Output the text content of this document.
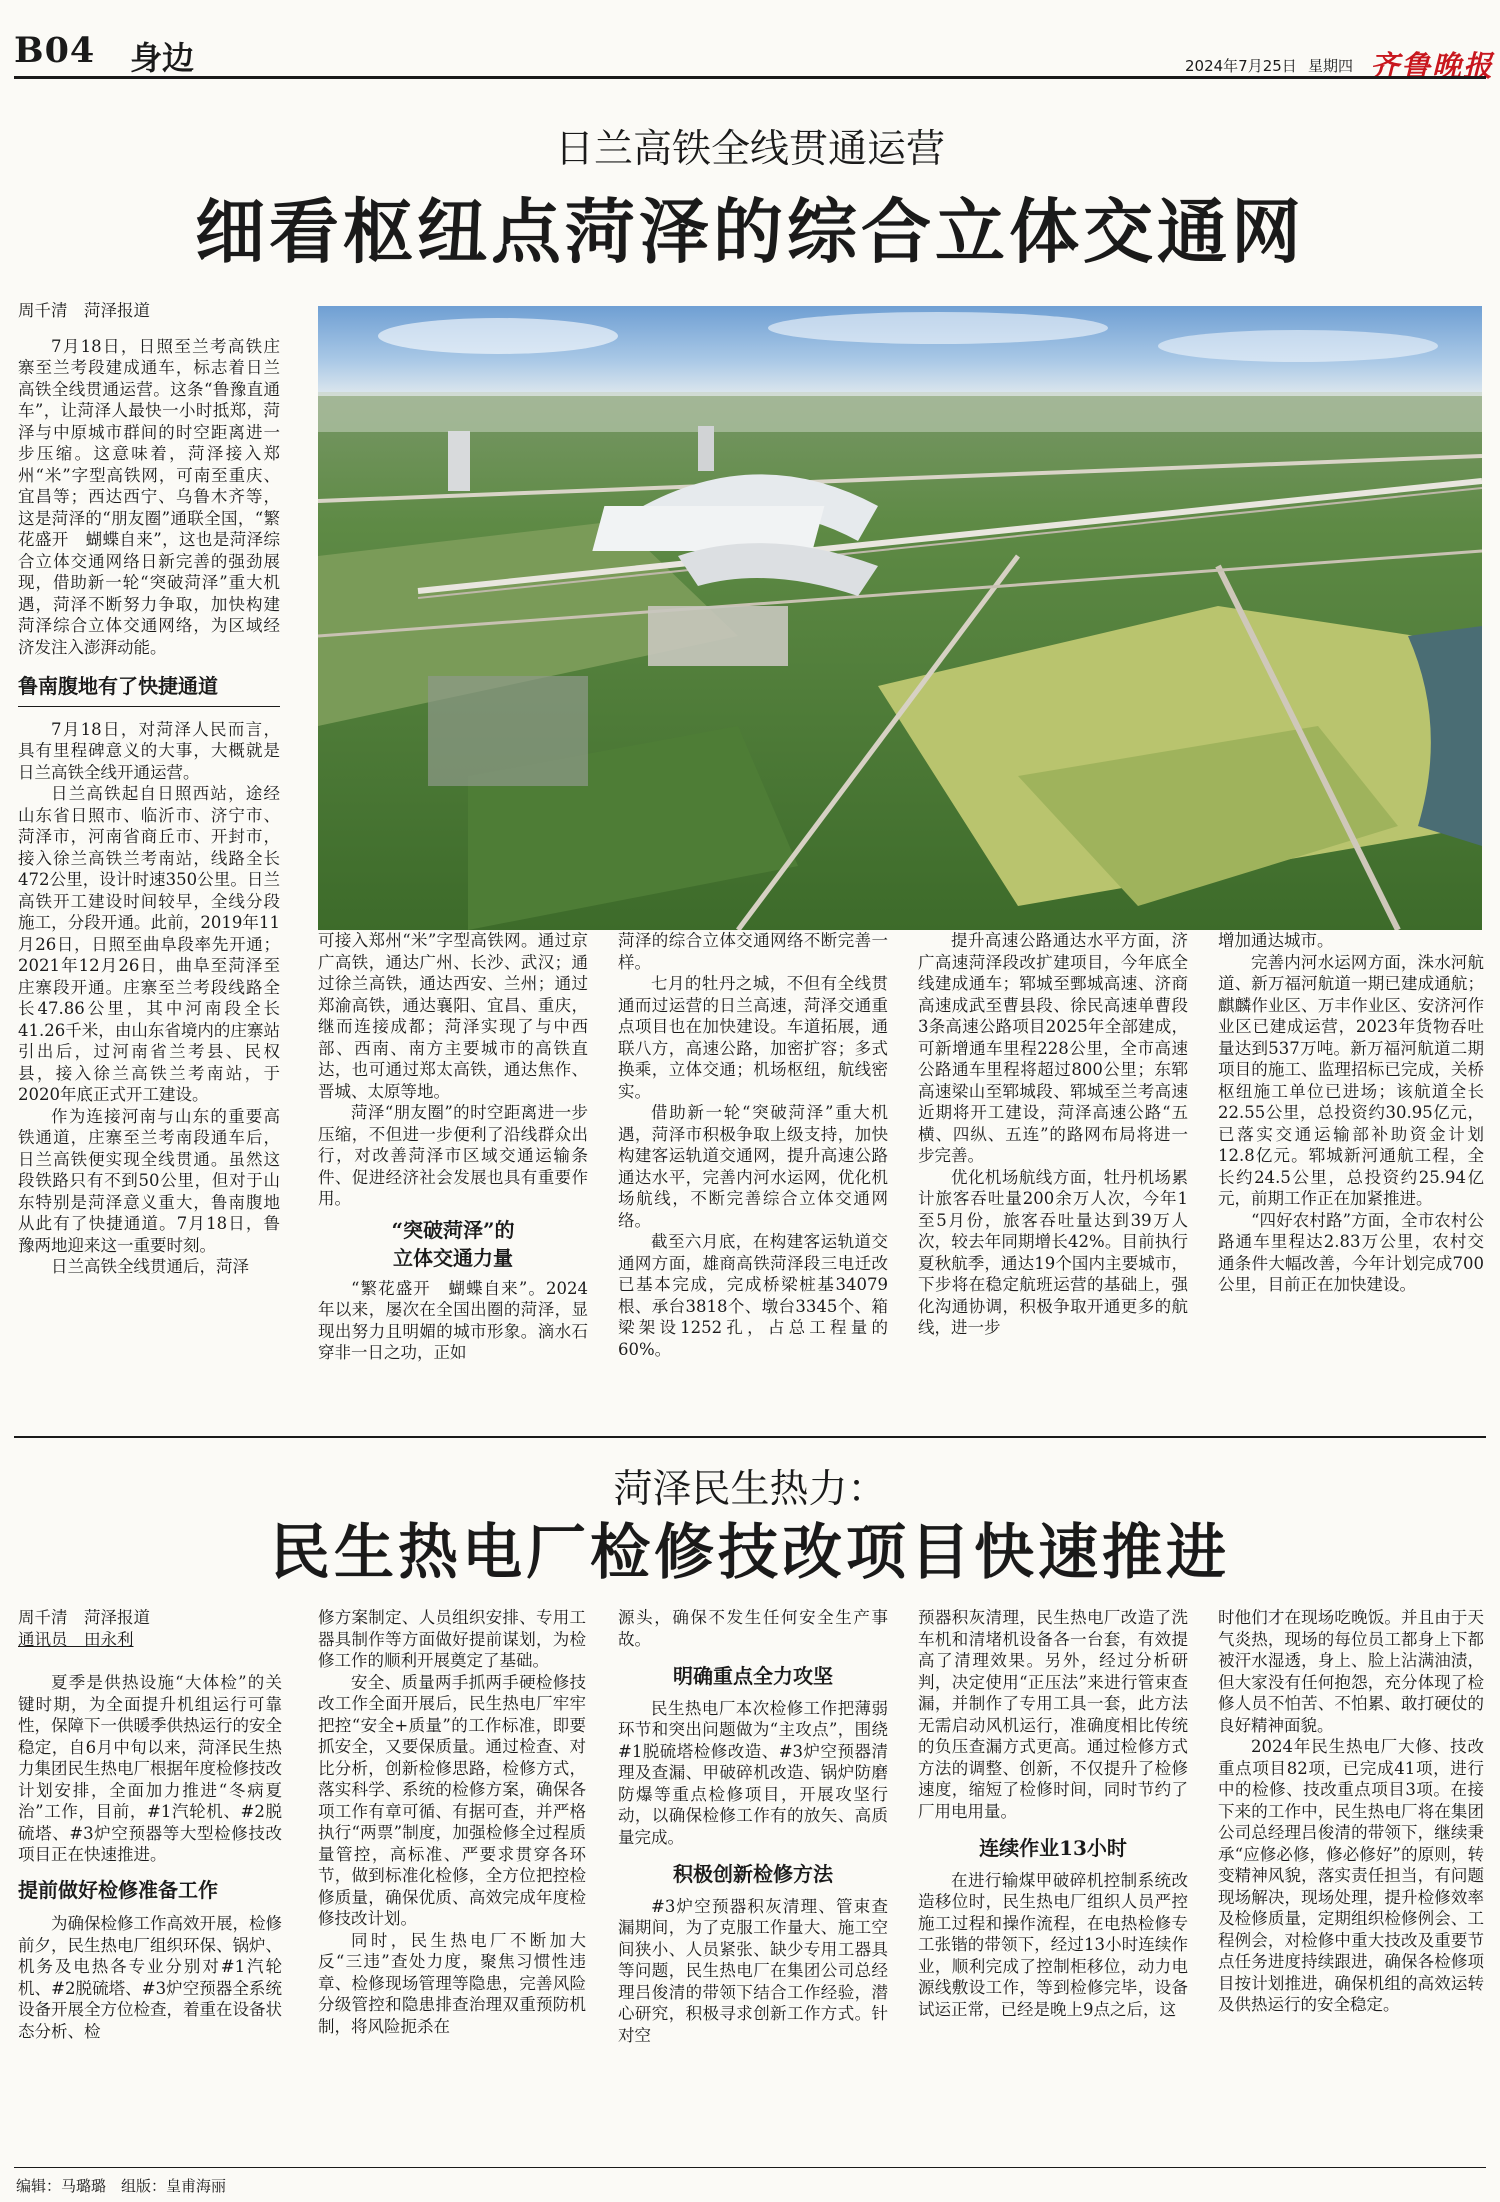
B04 身边	2024年7月25日 星期四 齐鲁晚报
日兰高铁全线贯通运营
细看枢纽点菏泽的综合立体交通网

周千清　菏泽报道

7月18日，日照至兰考高铁庄寨至兰考段建成通车，标志着日兰高铁全线贯通运营。这条“鲁豫直通车”，让菏泽人最快一小时抵郑，菏泽与中原城市群间的时空距离进一步压缩。这意味着，菏泽接入郑州“米”字型高铁网，可南至重庆、宜昌等；西达西宁、乌鲁木齐等，这是菏泽的“朋友圈”通联全国，“繁花盛开　蝴蝶自来”，这也是菏泽综合立体交通网络日新完善的强劲展现，借助新一轮“突破菏泽”重大机遇，菏泽不断努力争取，加快构建菏泽综合立体交通网络，为区域经济发注入澎湃动能。

鲁南腹地有了快捷通道

7月18日，对菏泽人民而言，具有里程碑意义的大事，大概就是日兰高铁全线开通运营。

日兰高铁起自日照西站，途经山东省日照市、临沂市、济宁市、菏泽市，河南省商丘市、开封市，接入徐兰高铁兰考南站，线路全长472公里，设计时速350公里。日兰高铁开工建设时间较早，全线分段施工，分段开通。此前，2019年11月26日，日照至曲阜段率先开通；2021年12月26日，曲阜至菏泽至庄寨段开通。庄寨至兰考段线路全长47.86公里，其中河南段全长41.26千米，由山东省境内的庄寨站引出后，过河南省兰考县、民权县，接入徐兰高铁兰考南站，于2020年底正式开工建设。

作为连接河南与山东的重要高铁通道，庄寨至兰考南段通车后，日兰高铁便实现全线贯通。虽然这段铁路只有不到50公里，但对于山东特别是菏泽意义重大，鲁南腹地从此有了快捷通道。7月18日，鲁豫两地迎来这一重要时刻。

日兰高铁全线贯通后，菏泽

可接入郑州“米”字型高铁网。通过京广高铁，通达广州、长沙、武汉；通过徐兰高铁，通达西安、兰州；通过郑渝高铁，通达襄阳、宜昌、重庆，继而连接成都；菏泽实现了与中西部、西南、南方主要城市的高铁直达，也可通过郑太高铁，通达焦作、晋城、太原等地。

菏泽“朋友圈”的时空距离进一步压缩，不但进一步便利了沿线群众出行，对改善菏泽市区域交通运输条件、促进经济社会发展也具有重要作用。

“突破菏泽”的
立体交通力量

“繁花盛开　蝴蝶自来”。2024年以来，屡次在全国出圈的菏泽，显现出努力且明媚的城市形象。滴水石穿非一日之功，正如

菏泽的综合立体交通网络不断完善一样。

七月的牡丹之城，不但有全线贯通而过运营的日兰高速，菏泽交通重点项目也在加快建设。车道拓展，通联八方，高速公路，加密扩容；多式换乘，立体交通；机场枢纽，航线密实。

借助新一轮“突破菏泽”重大机遇，菏泽市积极争取上级支持，加快构建客运轨道交通网，提升高速公路通达水平，完善内河水运网，优化机场航线，不断完善综合立体交通网络。

截至六月底，在构建客运轨道交通网方面，雄商高铁菏泽段三电迁改已基本完成，完成桥梁桩基34079根、承台3818个、墩台3345个、箱梁架设1252孔，占总工程量的60%。

提升高速公路通达水平方面，济广高速菏泽段改扩建项目，今年底全线建成通车；郓城至鄄城高速、济商高速成武至曹县段、徐民高速单曹段3条高速公路项目2025年全部建成，可新增通车里程228公里，全市高速公路通车里程将超过800公里；东郓高速梁山至郓城段、郓城至兰考高速近期将开工建设，菏泽高速公路“五横、四纵、五连”的路网布局将进一步完善。

优化机场航线方面，牡丹机场累计旅客吞吐量200余万人次，今年1至5月份，旅客吞吐量达到39万人次，较去年同期增长42%。目前执行夏秋航季，通达19个国内主要城市，下步将在稳定航班运营的基础上，强化沟通协调，积极争取开通更多的航线，进一步

增加通达城市。

完善内河水运网方面，洙水河航道、新万福河航道一期已建成通航；麒麟作业区、万丰作业区、安济河作业区已建成运营，2023年货物吞吐量达到537万吨。新万福河航道二期项目的施工、监理招标已完成，关桥枢纽施工单位已进场；该航道全长22.55公里，总投资约30.95亿元，已落实交通运输部补助资金计划12.8亿元。郓城新河通航工程，全长约24.5公里，总投资约25.94亿元，前期工作正在加紧推进。

“四好农村路”方面，全市农村公路通车里程达2.83万公里，农村交通条件大幅改善，今年计划完成700公里，目前正在加快建设。

菏泽民生热力：
民生热电厂检修技改项目快速推进

周千清　菏泽报道

通讯员　田永利

夏季是供热设施“大体检”的关键时期，为全面提升机组运行可靠性，保障下一供暖季供热运行的安全稳定，自6月中旬以来，菏泽民生热力集团民生热电厂根据年度检修技改计划安排，全面加力推进“冬病夏治”工作，目前，#1汽轮机、#2脱硫塔、#3炉空预器等大型检修技改项目正在快速推进。

提前做好检修准备工作

为确保检修工作高效开展，检修前夕，民生热电厂组织环保、锅炉、机务及电热各专业分别对#1汽轮机、#2脱硫塔、#3炉空预器全系统设备开展全方位检查，着重在设备状态分析、检

修方案制定、人员组织安排、专用工器具制作等方面做好提前谋划，为检修工作的顺利开展奠定了基础。

安全、质量两手抓两手硬检修技改工作全面开展后，民生热电厂牢牢把控“安全+质量”的工作标准，即要抓安全，又要保质量。通过检查、对比分析，创新检修思路，检修方式，落实科学、系统的检修方案，确保各项工作有章可循、有据可查，并严格执行“两票”制度，加强检修全过程质量管控，高标准、严要求贯穿各环节，做到标准化检修，全方位把控检修质量，确保优质、高效完成年度检修技改计划。

同时，民生热电厂不断加大反“三违”查处力度，聚焦习惯性违章、检修现场管理等隐患，完善风险分级管控和隐患排查治理双重预防机制，将风险扼杀在

源头，确保不发生任何安全生产事故。

明确重点全力攻坚

民生热电厂本次检修工作把薄弱环节和突出问题做为“主攻点”，围绕#1脱硫塔检修改造、#3炉空预器清理及查漏、甲破碎机改造、锅炉防磨防爆等重点检修项目，开展攻坚行动，以确保检修工作有的放矢、高质量完成。

积极创新检修方法

#3炉空预器积灰清理、管束查漏期间，为了克服工作量大、施工空间狭小、人员紧张、缺少专用工器具等问题，民生热电厂在集团公司总经理吕俊清的带领下结合工作经验，潜心研究，积极寻求创新工作方式。针对空

预器积灰清理，民生热电厂改造了洗车机和清堵机设备各一台套，有效提高了清理效果。另外，经过分析研判，决定使用“正压法”来进行管束查漏，并制作了专用工具一套，此方法无需启动风机运行，准确度相比传统的负压查漏方式更高。通过检修方式方法的调整、创新，不仅提升了检修速度，缩短了检修时间，同时节约了厂用电用量。

连续作业13小时

在进行输煤甲破碎机控制系统改造移位时，民生热电厂组织人员严控施工过程和操作流程，在电热检修专工张锴的带领下，经过13小时连续作业，顺利完成了控制柜移位，动力电源线敷设工作，等到检修完毕，设备试运正常，已经是晚上9点之后，这

时他们才在现场吃晚饭。并且由于天气炎热，现场的每位员工都身上下都被汗水湿透，身上、脸上沾满油渍，但大家没有任何抱怨，充分体现了检修人员不怕苦、不怕累、敢打硬仗的良好精神面貌。

2024年民生热电厂大修、技改重点项目82项，已完成41项，进行中的检修、技改重点项目3项。在接下来的工作中，民生热电厂将在集团公司总经理吕俊清的带领下，继续秉承“应修必修，修必修好”的原则，转变精神风貌，落实责任担当，有问题现场解决，现场处理，提升检修效率及检修质量，定期组织检修例会、工程例会，对检修中重大技改及重要节点任务进度持续跟进，确保各检修项目按计划推进，确保机组的高效运转及供热运行的安全稳定。

编辑：马璐璐　组版：皇甫海丽
